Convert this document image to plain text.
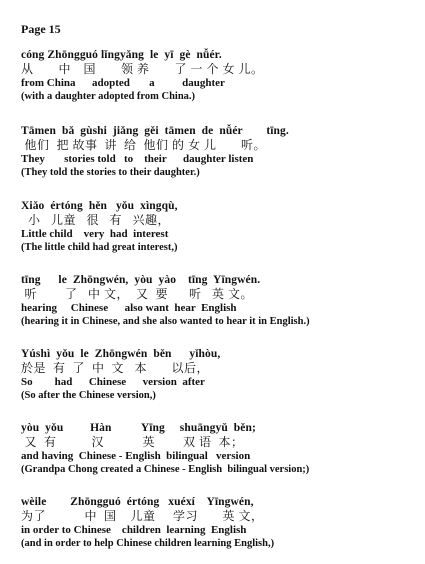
Page 15
cóng Zhōngguó lǐngyǎng  le  yī  gè  nǚér.
从　　中　国　　领 养　　了 一 个 女 儿。
from China      adopted       a          daughter
(with a daughter adopted from China.)
Tāmen  bǎ  gùshi  jiǎng  gěi  tāmen  de  nǚér        tīng.
他们  把 故事  讲  给  他们 的 女 儿       听。
They       stories told   to    their      daughter listen
(They told the stories to their daughter.)
Xiǎo  értóng  hěn   yǒu  xìngqù,
小   儿童   很   有   兴趣，
Little child    very  had  interest
(The little child had great interest,)
tīng      le  Zhōngwén,  yòu  yào    tīng  Yīngwén.
听        了   中 文，  又  要      听   英 文。
hearing     Chinese      also want  hear  English
(hearing it in Chinese, and she also wanted to hear it in English.)
Yúshì  yǒu  le  Zhōngwén  běn      yǐhòu,
於是  有  了  中  文   本       以后，
So        had      Chinese      version  after
(So after the Chinese version,)
yòu  yǒu         Hàn          Yīng     shuāngyǔ  běn;
又  有          汉           英        双 语  本；
and having  Chinese - English  bilingual   version
(Grandpa Chong created a Chinese - English  bilingual version;)
wèile        Zhōngguó  értóng   xuéxí    Yīngwén,
为了           中  国    儿童     学习       英 文，
in order to Chinese    children  learning  English
(and in order to help Chinese children learning English,)
